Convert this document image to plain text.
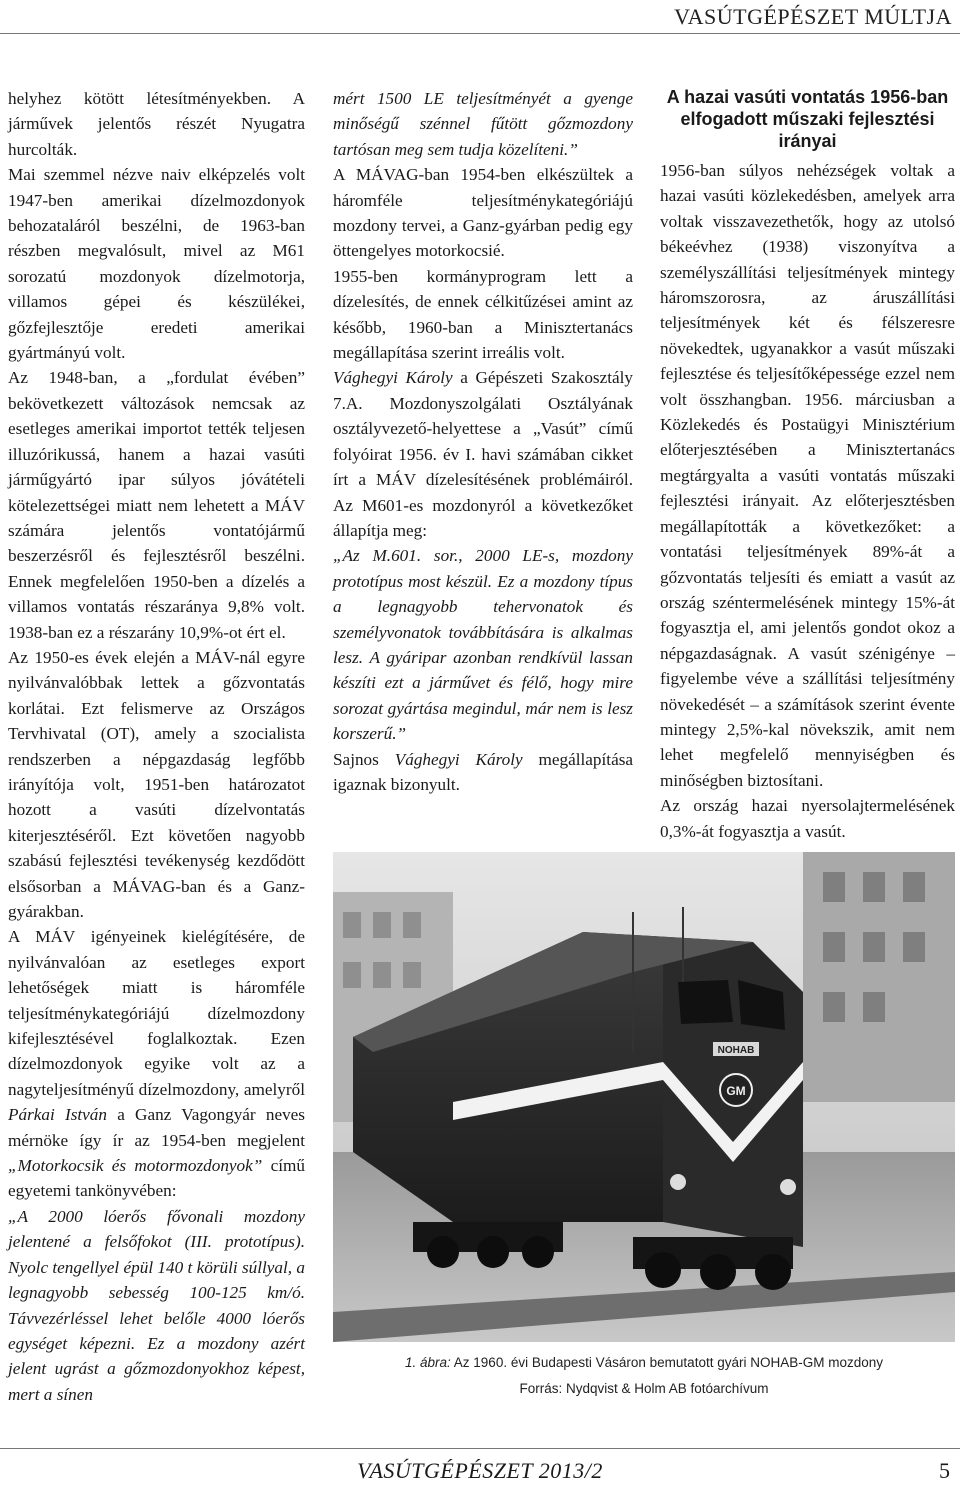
VASÚTGÉPÉSZET MÚLTJA

helyhez kötött létesítményekben. A járművek jelentős részét Nyugatra hurcolták.

Mai szemmel nézve naiv elképzelés volt 1947-ben amerikai dízelmozdonyok behozataláról beszélni, de 1963-ban részben megvalósult, mivel az M61 sorozatú mozdonyok dízelmotorja, villamos gépei és készülékei, gőzfejlesztője eredeti amerikai gyártmányú volt.

Az 1948-ban, a „fordulat évében” bekövetkezett változások nemcsak az esetleges amerikai importot tették teljesen illuzórikussá, hanem a hazai vasúti járműgyártó ipar súlyos jóvátételi kötelezettségei miatt nem lehetett a MÁV számára jelentős vontatójármű beszerzésről és fejlesztésről beszélni. Ennek megfelelően 1950-ben a dízelés a villamos vontatás részaránya 9,8% volt. 1938-ban ez a részarány 10,9%-ot ért el.

Az 1950-es évek elején a MÁV-nál egyre nyilvánvalóbbak lettek a gőzvontatás korlátai. Ezt felismerve az Országos Tervhivatal (OT), amely a szocialista rendszerben a népgazdaság legfőbb irányítója volt, 1951-ben határozatot hozott a vasúti dízelvontatás kiterjesztéséről. Ezt követően nagyobb szabású fejlesztési tevékenység kezdődött elsősorban a MÁVAG-ban és a Ganz-gyárakban.

A MÁV igényeinek kielégítésére, de nyilvánvalóan az esetleges export lehetőségek miatt is háromféle teljesítménykategóriájú dízelmozdony kifejlesztésével foglalkoztak. Ezen dízelmozdonyok egyike volt az a nagyteljesítményű dízelmozdony, amelyről Párkai István a Ganz Vagongyár neves mérnöke így ír az 1954-ben megjelent „Motorkocsik és motormozdonyok” című egyetemi tankönyvében:

„A 2000 lóerős fővonali mozdony jelentené a felsőfokot (III. prototípus). Nyolc tengellyel épül 140 t körüli súllyal, a legnagyobb sebesség 100-125 km/ó. Távvezérléssel lehet belőle 4000 lóerős egységet képezni. Ez a mozdony azért jelent ugrást a gőzmozdonyokhoz képest, mert a sínen

mért 1500 LE teljesítményét a gyenge minőségű szénnel fűtött gőzmozdony tartósan meg sem tudja közelíteni.”

A MÁVAG-ban 1954-ben elkészültek a háromféle teljesítménykategóriájú mozdony tervei, a Ganz-gyárban pedig egy öttengelyes motorkocsié.

1955-ben kormányprogram lett a dízelesítés, de ennek célkitűzései amint az később, 1960-ban a Minisztertanács megállapítása szerint irreális volt.

Vághegyi Károly a Gépészeti Szakosztály 7.A. Mozdonyszolgálati Osztályának osztályvezető-helyettese a „Vasút” című folyóirat 1956. év I. havi számában cikket írt a MÁV dízelesítésének problémáiról. Az M601-es mozdonyról a következőket állapítja meg:

„Az M.601. sor., 2000 LE-s, mozdony prototípus most készül. Ez a mozdony típus a legnagyobb tehervonatok és személyvonatok továbbítására is alkalmas lesz. A gyáripar azonban rendkívül lassan készíti ezt a járművet és félő, hogy mire sorozat gyártása megindul, már nem is lesz korszerű.”

Sajnos Vághegyi Károly megállapítása igaznak bizonyult.

A hazai vasúti vontatás 1956-ban elfogadott műszaki fejlesztési irányai

1956-ban súlyos nehézségek voltak a hazai vasúti közlekedésben, amelyek arra voltak visszavezethetők, hogy az utolsó békeévhez (1938) viszonyítva a személyszállítási teljesítmények mintegy háromszorosra, az áruszállítási teljesítmények két és félszeresre növekedtek, ugyanakkor a vasút műszaki fejlesztése és teljesítőképessége ezzel nem volt összhangban. 1956. márciusban a Közlekedés és Postaügyi Minisztérium előterjesztésében a Minisztertanács megtárgyalta a vasúti vontatás műszaki fejlesztési irányait. Az előterjesztésben megállapították a következőket: a vontatási teljesítmények 89%-át a gőzvontatás teljesíti és emiatt a vasút az ország széntermelésének mintegy 15%-át fogyasztja el, ami jelentős gondot okoz a népgazdaságnak. A vasút szénigénye – figyelembe véve a szállítási teljesítmény növekedését – a számítások szerint évente mintegy 2,5%-kal növekszik, amit nem lehet megfelelő mennyiségben és minőségben biztosítani.

Az ország hazai nyersolajtermelésének 0,3%-át fogyasztja a vasút.

NOHAB
GM
1. ábra: Az 1960. évi Budapesti Vásáron bemutatott gyári NOHAB-GM mozdony
Forrás: Nydqvist & Holm AB fotóarchívum
VASÚTGÉPÉSZET 2013/2	5
